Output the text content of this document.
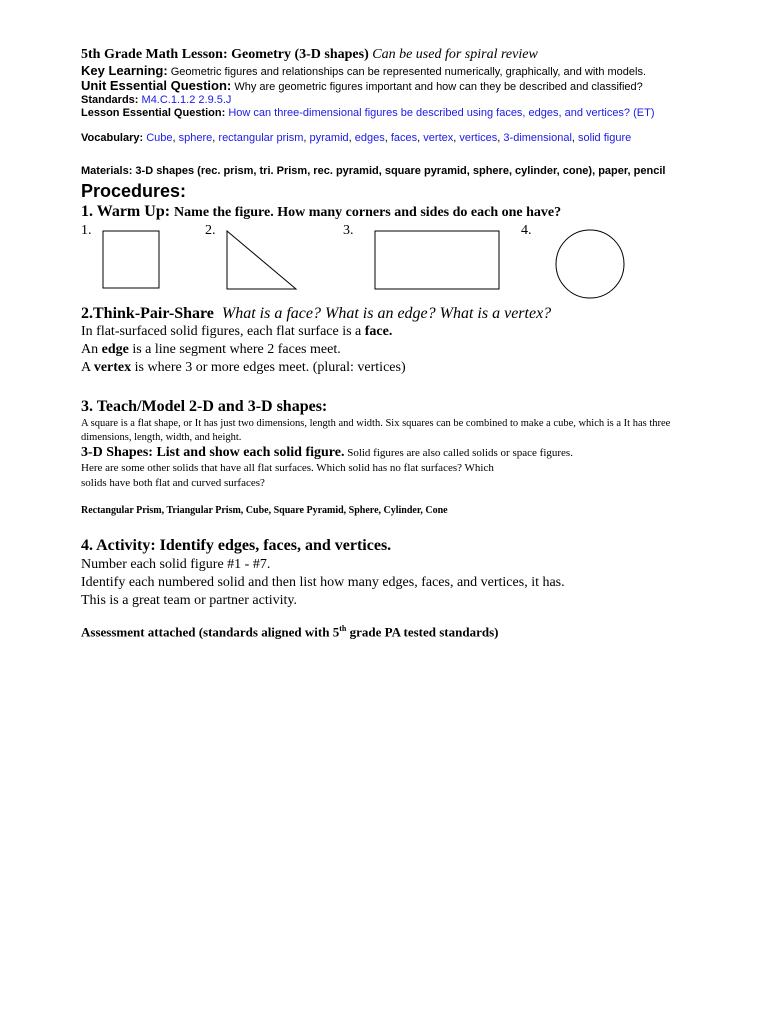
5th Grade Math Lesson: Geometry (3-D shapes) Can be used for spiral review

Key Learning: Geometric figures and relationships can be represented numerically, graphically, and with models.

Unit Essential Question: Why are geometric figures important and how can they be described and classified?

Standards: M4.C.1.1.2 2.9.5.J

Lesson Essential Question: How can three-dimensional figures be described using faces, edges, and vertices? (ET)

Vocabulary: Cube, sphere, rectangular prism, pyramid, edges, faces, vertex, vertices, 3-dimensional, solid figure

Materials: 3-D shapes (rec. prism, tri. Prism, rec. pyramid, square pyramid, sphere, cylinder, cone), paper, pencil

Procedures:

1. Warm Up: Name the figure. How many corners and sides do each one have?

1.	2.	3.	4.

2.Think-Pair-Share What is a face? What is an edge? What is a vertex?

In flat-surfaced solid figures, each flat surface is a face.

An edge is a line segment where 2 faces meet.

A vertex is where 3 or more edges meet. (plural: vertices)

3. Teach/Model 2-D and 3-D shapes:

A square is a flat shape, or It has just two dimensions, length and width. Six squares can be combined to make a cube, which is a It has three dimensions, length, width, and height.

3-D Shapes: List and show each solid figure. Solid figures are also called solids or space figures.

Here are some other solids that have all flat surfaces. Which solid has no flat surfaces? Which

solids have both flat and curved surfaces?

Rectangular Prism, Triangular Prism, Cube, Square Pyramid, Sphere, Cylinder, Cone

4. Activity: Identify edges, faces, and vertices.

Number each solid figure #1 - #7.

Identify each numbered solid and then list how many edges, faces, and vertices, it has.

This is a great team or partner activity.

Assessment attached (standards aligned with 5th grade PA tested standards)
